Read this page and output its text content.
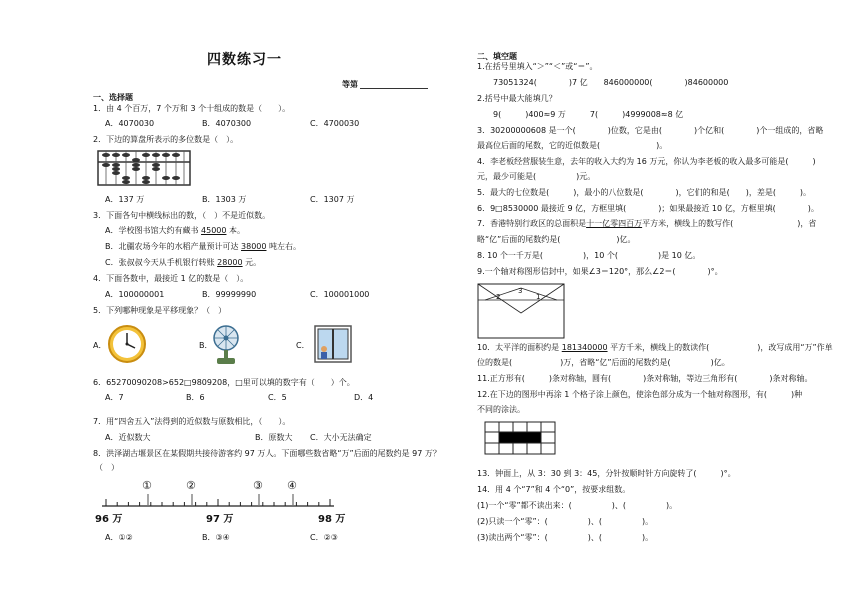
四数练习一
等第
一、选择题
1．由 4 个百万，7 个万和 3 个十组成的数是（　　）。
A．4070030	B．4070300	C．4700030
2．下边的算盘所表示的多位数是（　）。
A．137 万	B．1303 万	C．1307 万
3．下面各句中横线标出的数，（　）不是近似数。
A．学校图书馆大约有藏书 45000 本。
B．北疆农场今年的水稻产量预计可达 38000 吨左右。
C．张叔叔今天从手机银行转账 28000 元。
4．下面各数中，最接近 1 亿的数是（　）。
A．100000001	B．99999990	C．100001000
5．下列哪种现象是平移现象？（　）
A．	B．	C．
6．65270090208>652□9809208，□里可以填的数字有（　　）个。
A．7	B．6	C．5	D．4
7．用“四舍五入”法得到的近似数与原数相比，（　　）。
A．近似数大	B．原数大 C．大小无法确定
8．洪泽湖古堰景区在某假期共接待游客约 97 万人。下面哪些数省略“万”后面的尾数约是 97 万？
（　）
96 万	97 万	98 万
①	②	③ ④
A．①②	B．③④	C．②③
二、填空题
1.在括号里填入“＞”“＜”或“＝”。
73051324(　　　　)7 亿　　846000000(　　　　)84600000
2.括号中最大能填几？
9(　　　)400≈9 万　　　7(　　　)4999008≈8 亿
3．30200000608 是一个(　　　　)位数，它是由(　　　　)个亿和(　　　　)个一组成的，省略
最高位后面的尾数，它的近似数是(　　　　　　　)。
4．李老板经营服装生意，去年的收入大约为 16 万元，你认为李老板的收入最多可能是(　　　)
元，最少可能是(　　　　　)元。
5．最大的七位数是(　　　)，最小的八位数是(　　　　)，它们的和是(　　)，差是(　　　)。
6．9□8530000 最接近 9 亿，方框里填(　　　　)；如果最接近 10 亿，方框里填(　　　　)。
7．香港特别行政区的总面积是十一亿零四百万平方米，横线上的数写作(　　　　　　　　)，省
略“亿”后面的尾数约是(　　　　　　　)亿。
8. 10 个一千万是(　　　　　)，10 个(　　　　　)是 10 亿。
9.一个轴对称图形信封中，如果∠3＝120°，那么∠2＝(　　　　)°。
2
3
1
10．太平洋的面积约是 181340000 平方千米，横线上的数读作(　　　　　　)，改写成用“万”作单
位的数是(　　　　　　)万，省略“亿”后面的尾数约是(　　　　　)亿。
11.正方形有(　　　)条对称轴，圆有(　　　　)条对称轴，等边三角形有(　　　　)条对称轴。
12.在下边的图形中再涂 1 个格子涂上颜色，使涂色部分成为一个轴对称图形，有(　　　)种
不同的涂法。
13．钟面上，从 3：30 到 3：45，分针按顺时针方向旋转了(　　　)°。
14．用 4 个“7”和 4 个“0”，按要求组数。
(1)一个“零”都不读出来：(　　　　　)、(　　　　　)。
(2)只读一个“零”：(　　　　　)、(　　　　　)。
(3)读出两个“零”：(　　　　　)、(　　　　　)。
